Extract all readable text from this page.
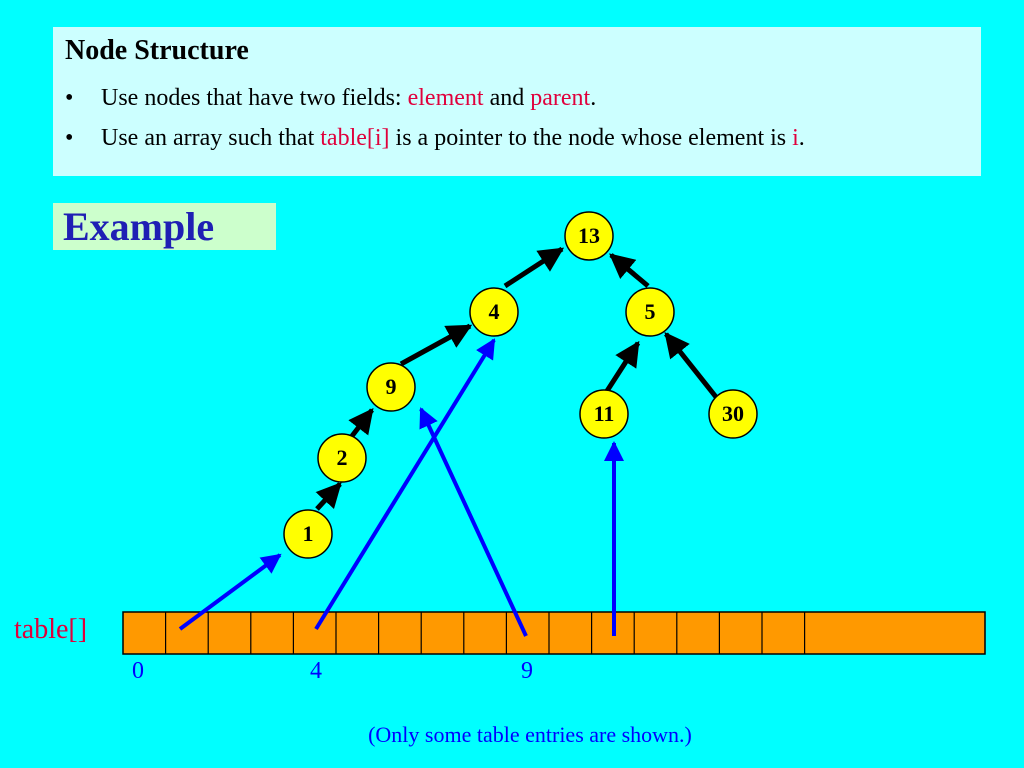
Node Structure
• Use nodes that have two fields: element and parent.
• Use an array such that table[i] is a pointer to the node whose element is i.
Example	13
4	5
9
11	30
2
1
table[]
0	4	9
(Only some table entries are shown.)
